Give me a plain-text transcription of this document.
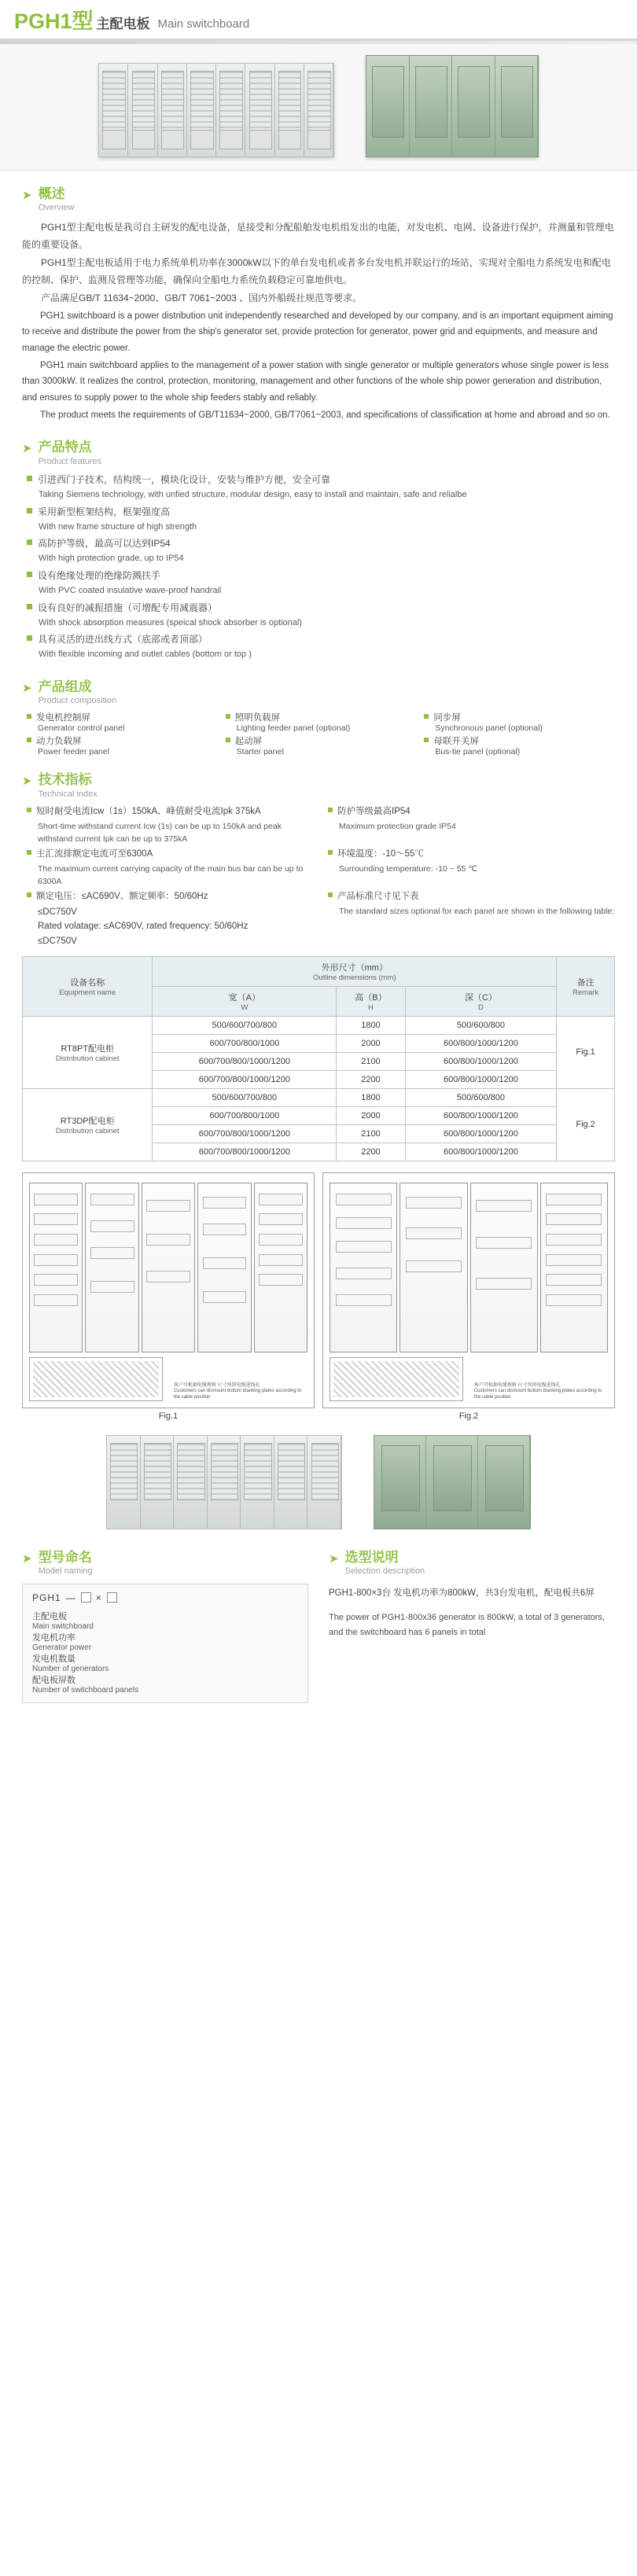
PGH1型 主配电板 Main switchboard
➤ 概述
Overview

PGH1型主配电板是我司自主研发的配电设备，是接受和分配船舶发电机组发出的电能，对发电机、电网、设备进行保护，并测量和管理电能的重要设备。

PGH1型主配电板适用于电力系统单机功率在3000kW以下的单台发电机或者多台发电机并联运行的场站，实现对全船电力系统发电和配电的控制、保护、监测及管理等功能，确保向全船电力系统负载稳定可靠地供电。

产品满足GB/T 11634~2000、GB/T 7061~2003 、国内外船级社规范等要求。

PGH1 switchboard is a power distribution unit independently researched and developed by our company, and is an important equipment aiming to receive and distribute the power from the ship's generator set, provide protection for generator, power grid and equipments, and measure and manage the electric power.

PGH1 main switchboard applies to the management of a power station with single generator or multiple generators whose single power is less than 3000kW. It realizes the control, protection, monitoring, management and other functions of the whole ship power generation and distribution, and ensures to supply power to the whole ship feeders stably and reliably.

The product meets the requirements of GB/T11634~2000, GB/T7061~2003, and specifications of classification at home and abroad and so on.

➤ 产品特点
Product features
引进西门子技术，结构统一，模块化设计，安装与维护方便，安全可靠
Taking Siemens technology, with unfied structure, modular design, easy to install and maintain, safe and relialbe
采用新型框架结构，框架强度高
With new frame structure of high strength
高防护等级，最高可以达到IP54
With high protection grade, up to IP54
设有绝缘处理的绝缘防溅扶手
With PVC coated insulative wave-proof handrail
设有良好的减振措施（可增配专用减震器）
With shock absorption measures (speical shock absorber is optional)
具有灵活的进出线方式（底部或者顶部）
With flexible incoming and outlet cables (bottom or top )
➤ 产品组成
Product composition
发电机控制屏
Generator control panel
照明负载屏
Lighting feeder panel (optional)
同步屏
Synchronous panel (optional)
动力负载屏
Power feeder panel
起动屏
Starter panel
母联开关屏
Bus-tie panel (optional)
➤ 技术指标
Technical index
短时耐受电流Icw（1s）150kA、峰值耐受电流Ipk 375kA
Short-time withstand current Icw (1s) can be up to 150kA and peak withstand current Ipk can be up to 375kA
防护等级最高IP54
Maximum protection grade IP54
主汇流排额定电流可至6300A
The maximum current carrying capacity of the main bus bar can be up to 6300A
环境温度：-10～55℃
Surrounding temperature: -10 ~ 55 ℃
额定电压：≤AC690V、额定频率：50/60Hz
≤DC750V
Rated volatage: ≤AC690V, rated frequency: 50/60Hz
≤DC750V
产品标准尺寸见下表
The standard sizes optional for each panel are shown in the following table:
设备名称
Equipment name	外形尺寸（mm）
Outline dimensions (mm)			备注
Remark

	宽（A）
W	高（B）
H	深（C）
D	

RT8PT配电柜
Distribution cabinet	500/600/700/800	1800	500/600/800	Fig.1
	600/700/800/1000	2000	600/800/1000/1200	
	600/700/800/1000/1200	2100	600/800/1000/1200	
	600/700/800/1000/1200	2200	600/800/1000/1200	

RT3DP配电柜
Distribution cabinet	500/600/700/800	1800	500/600/800	Fig.2
	600/700/800/1000	2000	600/800/1000/1200	
	600/700/800/1000/1200	2100	600/800/1000/1200	
	600/700/800/1000/1200	2200	600/800/1000/1200	
客户可根据电缆规格 尺寸预留电缆进线孔
Customers can dismount bottom blanking plates according to the cable position
Fig.1
客户可根据电缆规格 尺寸预留电缆进线孔
Customers can dismount bottom blanking plates according to the cable position
Fig.2
➤ 型号命名
Model naming
PGH1 — ×
主配电板
Main switchboard
发电机功率
Generator power
发电机数量
Number of generators
配电板屏数
Number of switchboard panels
➤ 选型说明
Selection description

PGH1-800×3台 发电机功率为800kW，共3台发电机，配电板共6屏

The power of PGH1-800x36 generator is 800kW, a total of 3 generators, and the switchboard has 6 panels in total
